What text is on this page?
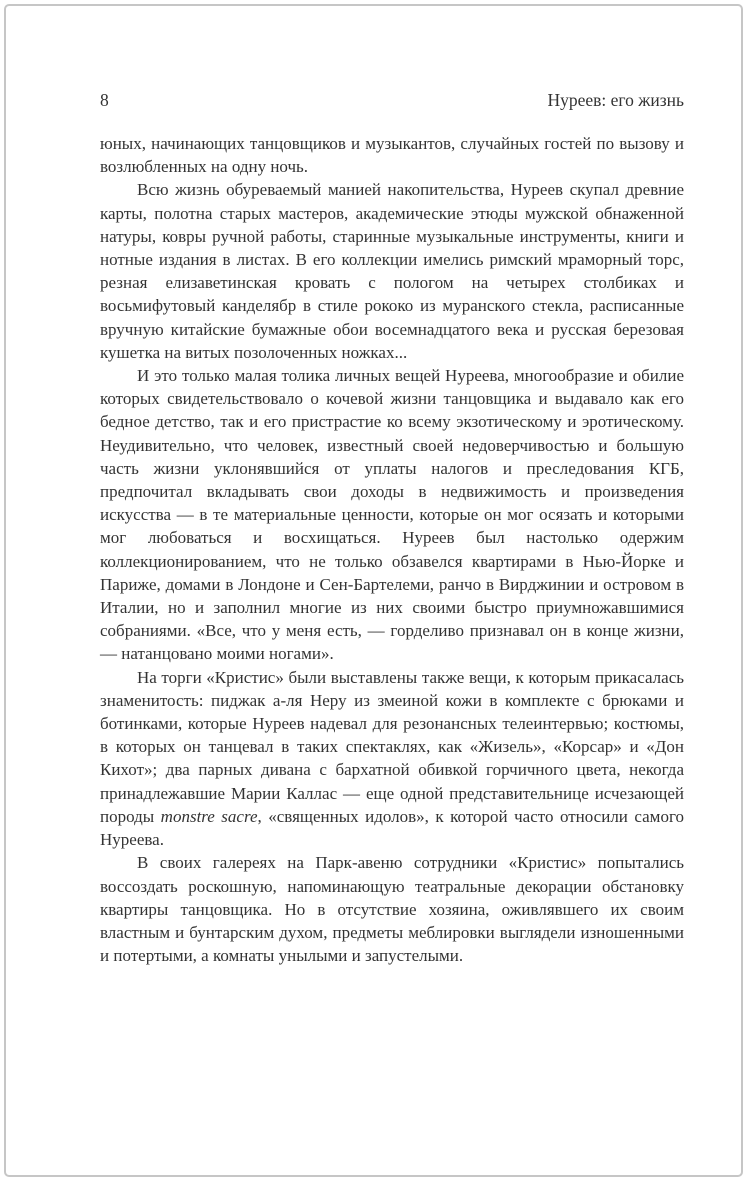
8	Нуреев: его жизнь

юных, начинающих танцовщиков и музыкантов, случайных гостей по вызову и возлюбленных на одну ночь.

Всю жизнь обуреваемый манией накопительства, Нуреев скупал древние карты, полотна старых мастеров, академические этюды мужской обнаженной натуры, ковры ручной работы, старинные музыкальные инструменты, книги и нотные издания в листах. В его коллекции имелись римский мраморный торс, резная елизаветинская кровать с пологом на четырех столбиках и восьмифутовый канделябр в стиле рококо из муранского стекла, расписанные вручную китайские бумажные обои восемнадцатого века и русская березовая кушетка на витых позолоченных ножках...

И это только малая толика личных вещей Нуреева, многообразие и обилие которых свидетельствовало о кочевой жизни танцовщика и выдавало как его бедное детство, так и его пристрастие ко всему экзотическому и эротическому. Неудивительно, что человек, известный своей недоверчивостью и большую часть жизни уклонявшийся от уплаты налогов и преследования КГБ, предпочитал вкладывать свои доходы в недвижимость и произведения искусства — в те материальные ценности, которые он мог осязать и которыми мог любоваться и восхищаться. Нуреев был настолько одержим коллекционированием, что не только обзавелся квартирами в Нью-Йорке и Париже, домами в Лондоне и Сен-Бартелеми, ранчо в Вирджинии и островом в Италии, но и заполнил многие из них своими быстро приумножавшимися собраниями. «Все, что у меня есть, — горделиво признавал он в конце жизни, — натанцовано моими ногами».

На торги «Кристис» были выставлены также вещи, к которым прикасалась знаменитость: пиджак а-ля Неру из змеиной кожи в комплекте с брюками и ботинками, которые Нуреев надевал для резонансных телеинтервью; костюмы, в которых он танцевал в таких спектаклях, как «Жизель», «Корсар» и «Дон Кихот»; два парных дивана с бархатной обивкой горчичного цвета, некогда принадлежавшие Марии Каллас — еще одной представительнице исчезающей породы monstre sacre, «священных идолов», к которой часто относили самого Нуреева.

В своих галереях на Парк-авеню сотрудники «Кристис» попытались воссоздать роскошную, напоминающую театральные декорации обстановку квартиры танцовщика. Но в отсутствие хозяина, оживлявшего их своим властным и бунтарским духом, предметы меблировки выглядели изношенными и потертыми, а комнаты унылыми и запустелыми.
